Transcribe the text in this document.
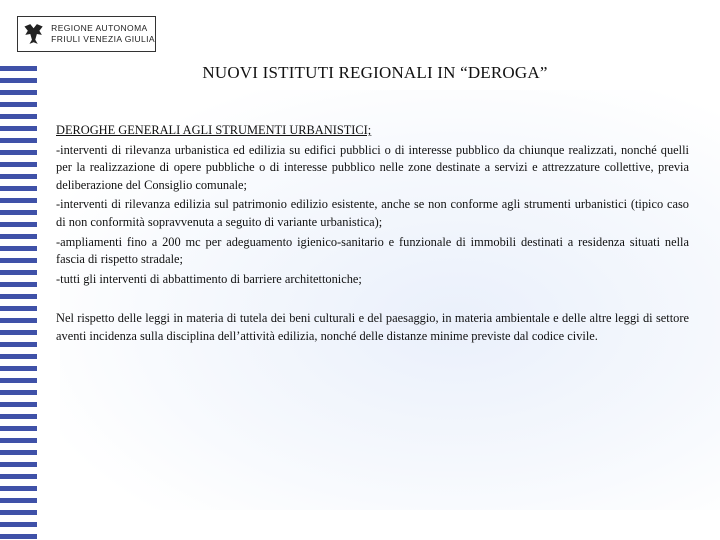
REGIONE AUTONOMA
FRIULI VENEZIA GIULIA
NUOVI ISTITUTI REGIONALI IN “DEROGA”

DEROGHE GENERALI AGLI STRUMENTI URBANISTICI;

-interventi di rilevanza urbanistica ed edilizia su edifici pubblici o di interesse pubblico da chiunque realizzati, nonché quelli per la realizzazione di opere pubbliche o di interesse pubblico nelle zone destinate a servizi e attrezzature collettive, previa deliberazione del Consiglio comunale;

-interventi di rilevanza edilizia sul patrimonio edilizio esistente, anche se non conforme agli strumenti urbanistici (tipico caso di non conformità sopravvenuta a seguito di variante urbanistica);

-ampliamenti fino a 200 mc per adeguamento igienico-sanitario e funzionale di immobili destinati a residenza situati nella fascia di rispetto stradale;

-tutti gli interventi di abbattimento di barriere architettoniche;

Nel rispetto delle leggi in materia di tutela dei beni culturali e del paesaggio, in materia ambientale e delle altre leggi di settore aventi incidenza sulla disciplina dell’attività edilizia, nonché delle distanze minime previste dal codice civile.
